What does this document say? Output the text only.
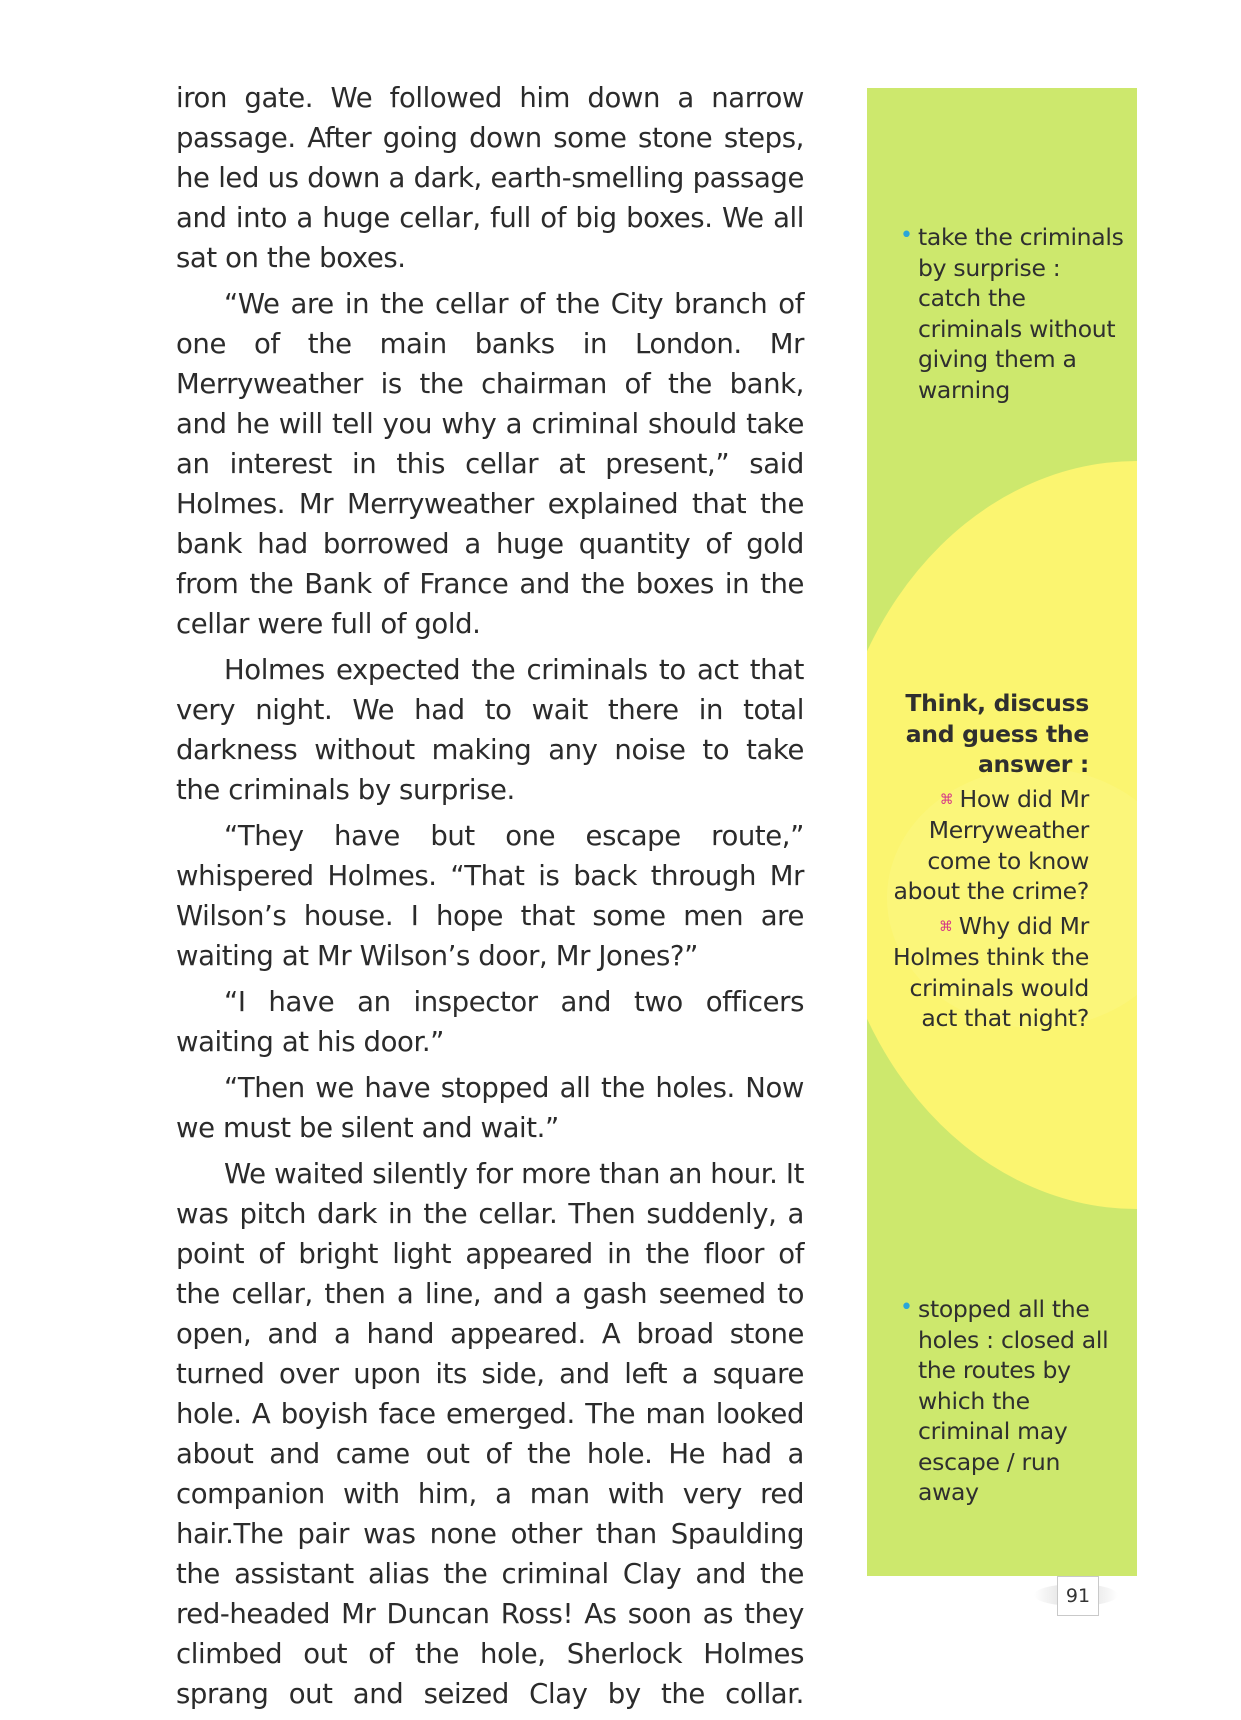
iron gate. We followed him down a narrow passage. After going down some stone steps, he led us down a dark, earth-smelling passage and into a huge cellar, full of big boxes. We all sat on the boxes.

“We are in the cellar of the City branch of one of the main banks in London. Mr Merryweather is the chairman of the bank, and he will tell you why a criminal should take an interest in this cellar at present,” said Holmes. Mr Merryweather explained that the bank had borrowed a huge quantity of gold from the Bank of France and the boxes in the cellar were full of gold.

Holmes expected the criminals to act that very night. We had to wait there in total darkness without making any noise to take the criminals by surprise.

“They have but one escape route,” whispered Holmes. “That is back through Mr Wilson’s house. I hope that some men are waiting at Mr Wilson’s door, Mr Jones?”

“I have an inspector and two officers waiting at his door.”

“Then we have stopped all the holes. Now we must be silent and wait.”

We waited silently for more than an hour. It was pitch dark in the cellar. Then suddenly, a point of bright light appeared in the floor of the cellar, then a line, and a gash seemed to open, and a hand appeared. A broad stone turned over upon its side, and left a square hole. A boyish face emerged. The man looked about and came out of the hole. He had a companion with him, a man with very red hair.The pair was none other than Spaulding the assistant alias the criminal Clay and the red-headed Mr Duncan Ross! As soon as they climbed out of the hole, Sherlock Holmes sprang out and seized Clay by the collar.

• take the criminals by surprise : catch the criminals without giving them a warning
Think, discuss and guess the answer :
⌘ How did Mr Merryweather come to know about the crime?
⌘ Why did Mr Holmes think the criminals would act that night?
• stopped all the holes : closed all the routes by which the criminal may escape / run away
91
